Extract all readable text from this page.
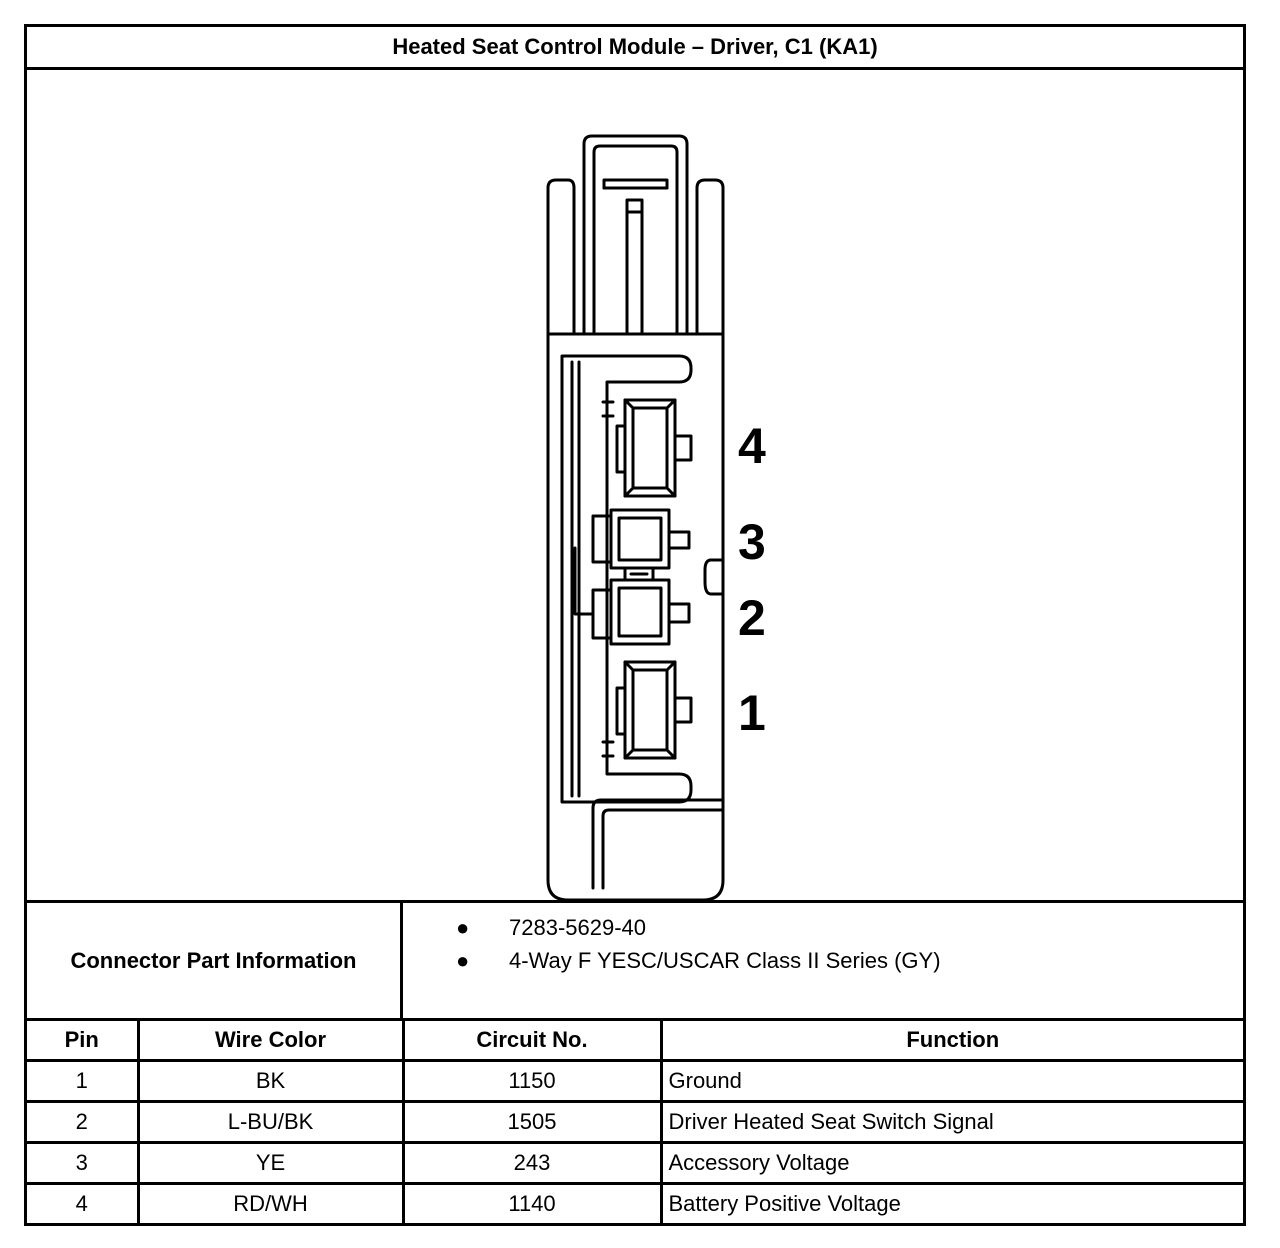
Heated Seat Control Module – Driver, C1 (KA1)
4
3
2
1
Connector Part Information
● 7283-5629-40
● 4-Way F YESC/USCAR Class II Series (GY)
Pin	Wire Color	Circuit No.	Function
1	BK	1150	Ground
2	L-BU/BK	1505	Driver Heated Seat Switch Signal
3	YE	243	Accessory Voltage
4	RD/WH	1140	Battery Positive Voltage
